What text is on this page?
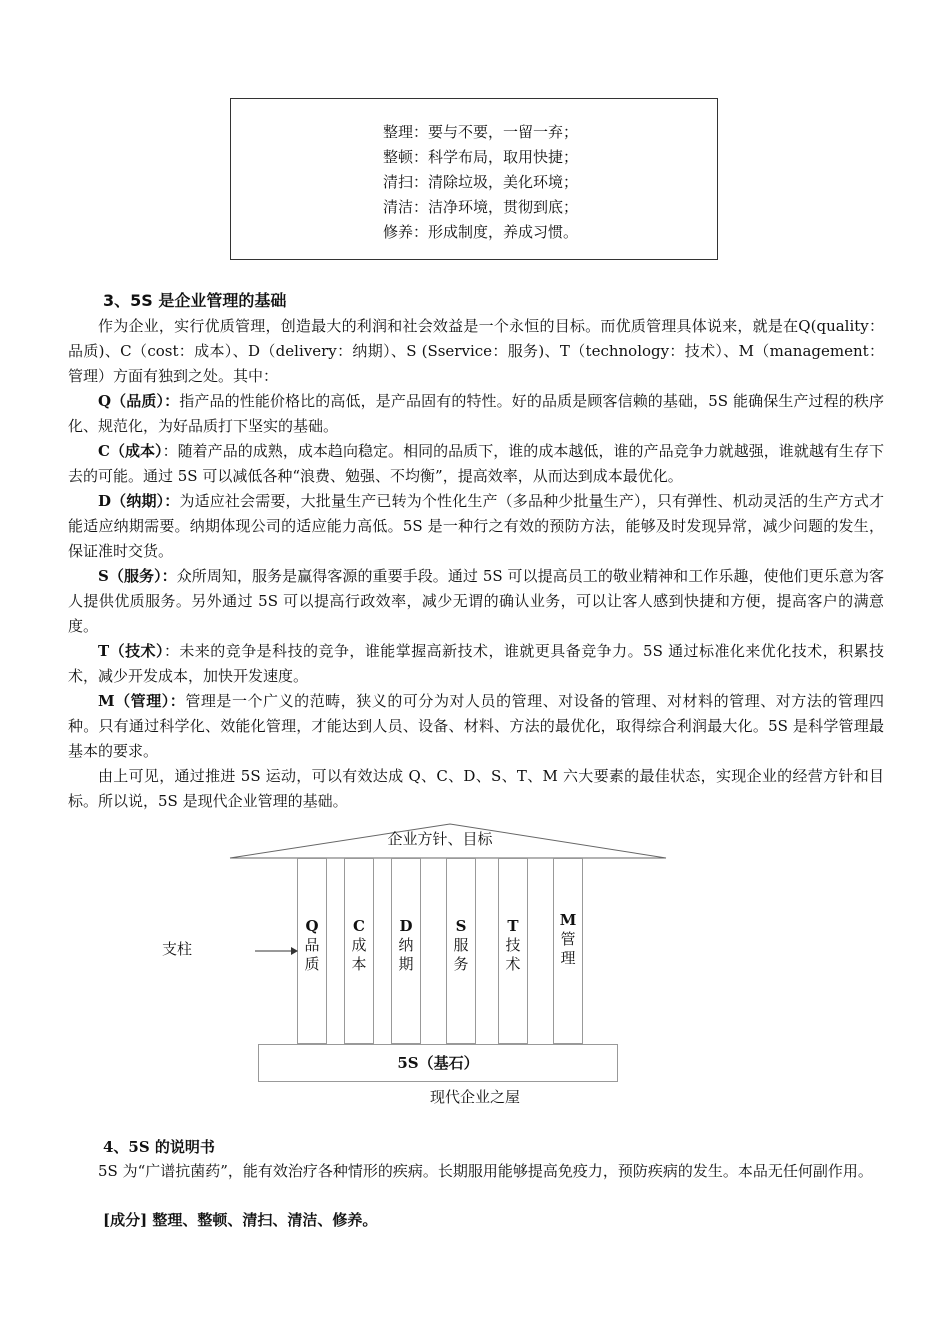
整理：要与不要，一留一弃；
整顿：科学布局，取用快捷；
清扫：清除垃圾，美化环境；
清洁：洁净环境，贯彻到底；
修养：形成制度，养成习惯。
3、5S 是企业管理的基础

作为企业，实行优质管理，创造最大的利润和社会效益是一个永恒的目标。而优质管理具体说来，就是在Q(quality：品质)、C（cost：成本）、D（delivery：纳期）、S (Sservice：服务)、T（technology：技术）、M（management：管理）方面有独到之处。其中：

Q（品质）：指产品的性能价格比的高低，是产品固有的特性。好的品质是顾客信赖的基础，5S 能确保生产过程的秩序化、规范化，为好品质打下坚实的基础。

C（成本）：随着产品的成熟，成本趋向稳定。相同的品质下，谁的成本越低，谁的产品竞争力就越强，谁就越有生存下去的可能。通过 5S 可以减低各种“浪费、勉强、不均衡”，提高效率，从而达到成本最优化。

D（纳期）：为适应社会需要，大批量生产已转为个性化生产（多品种少批量生产），只有弹性、机动灵活的生产方式才能适应纳期需要。纳期体现公司的适应能力高低。5S 是一种行之有效的预防方法，能够及时发现异常，减少问题的发生，保证准时交货。

S（服务）：众所周知，服务是赢得客源的重要手段。通过 5S 可以提高员工的敬业精神和工作乐趣，使他们更乐意为客人提供优质服务。另外通过 5S 可以提高行政效率，减少无谓的确认业务，可以让客人感到快捷和方便，提高客户的满意度。

T（技术）：未来的竞争是科技的竞争，谁能掌握高新技术，谁就更具备竞争力。5S 通过标准化来优化技术，积累技术，减少开发成本，加快开发速度。

M（管理）：管理是一个广义的范畴，狭义的可分为对人员的管理、对设备的管理、对材料的管理、对方法的管理四种。只有通过科学化、效能化管理，才能达到人员、设备、材料、方法的最优化，取得综合利润最大化。5S 是科学管理最基本的要求。

由上可见，通过推进 5S 运动，可以有效达成 Q、C、D、S、T、M 六大要素的最佳状态，实现企业的经营方针和目标。所以说，5S 是现代企业管理的基础。

企业方针、目标
Q
品
质
C
成
本
D
纳
期
S
服
务
T
技
术
M
管
理
支柱
5S（基石）
现代企业之屋
4、5S 的说明书

5S 为“广谱抗菌药”，能有效治疗各种情形的疾病。长期服用能够提高免疫力，预防疾病的发生。本品无任何副作用。

[成分] 整理、整顿、清扫、清洁、修养。
